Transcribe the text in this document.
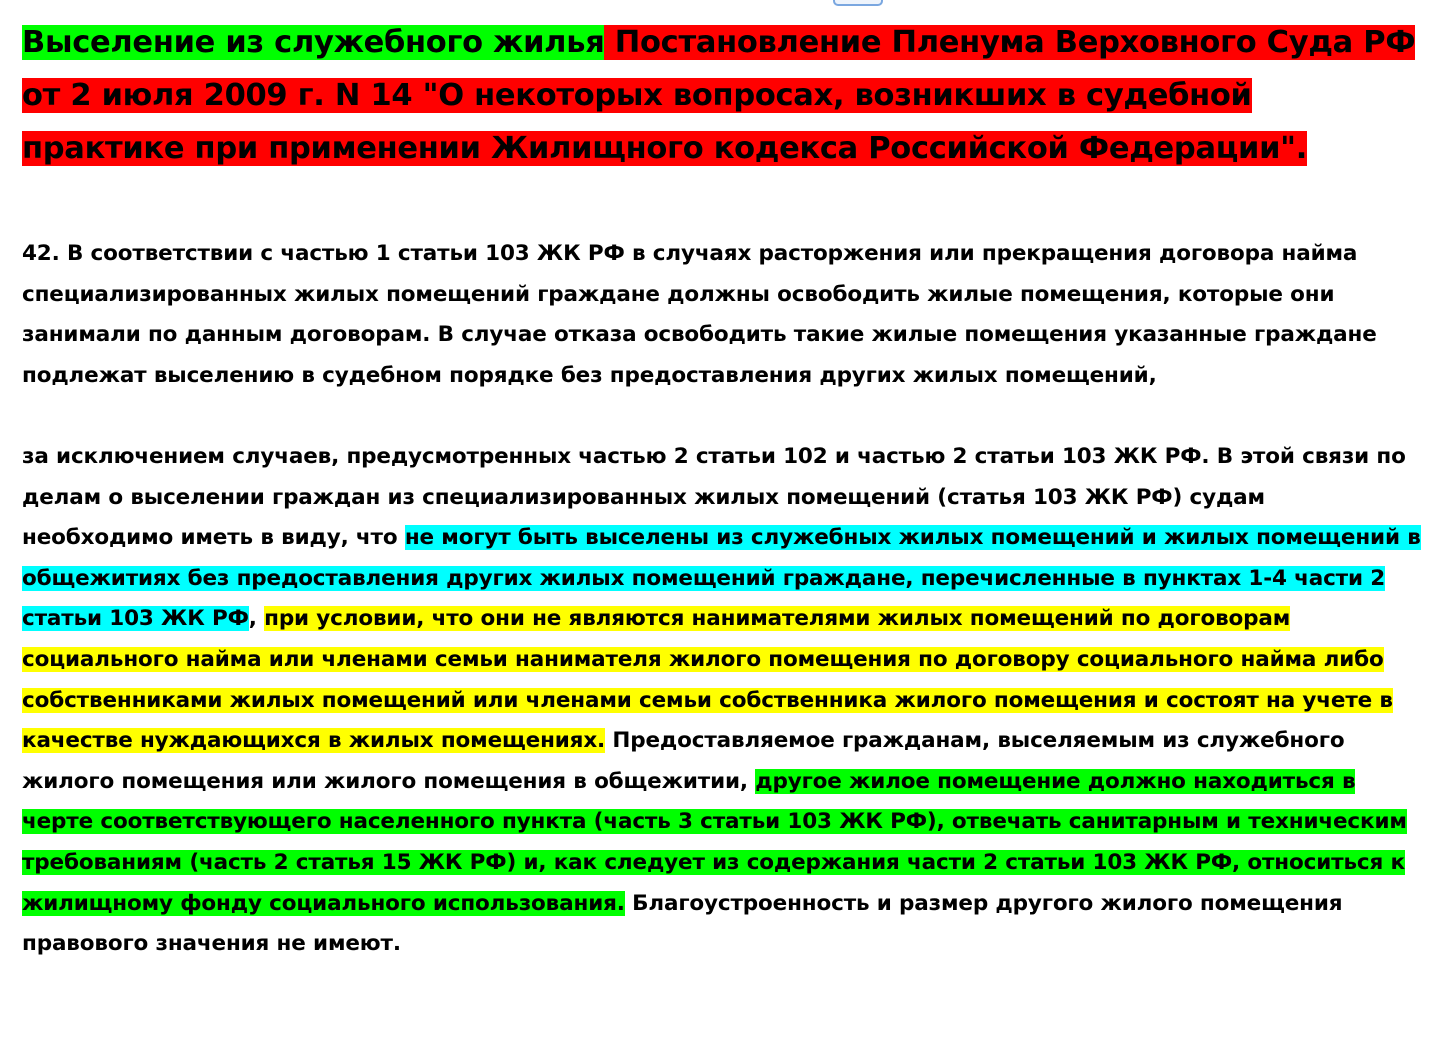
Выселение из служебного жилья Постановление Пленума Верховного Суда РФ от 2 июля 2009 г. N 14 "О некоторых вопросах, возникших в судебной практике при применении Жилищного кодекса Российской Федерации".

42. В соответствии с частью 1 статьи 103 ЖК РФ в случаях расторжения или прекращения договора найма специализированных жилых помещений граждане должны освободить жилые помещения, которые они занимали по данным договорам. В случае отказа освободить такие жилые помещения указанные граждане подлежат выселению в судебном порядке без предоставления других жилых помещений,

за исключением случаев, предусмотренных частью 2 статьи 102 и частью 2 статьи 103 ЖК РФ. В этой связи по делам о выселении граждан из специализированных жилых помещений (статья 103 ЖК РФ) судам необходимо иметь в виду, что не могут быть выселены из служебных жилых помещений и жилых помещений в общежитиях без предоставления других жилых помещений граждане, перечисленные в пунктах 1-4 части 2 статьи 103 ЖК РФ, при условии, что они не являются нанимателями жилых помещений по договорам социального найма или членами семьи нанимателя жилого помещения по договору социального найма либо собственниками жилых помещений или членами семьи собственника жилого помещения и состоят на учете в качестве нуждающихся в жилых помещениях. Предоставляемое гражданам, выселяемым из служебного жилого помещения или жилого помещения в общежитии, другое жилое помещение должно находиться в черте соответствующего населенного пункта (часть 3 статьи 103 ЖК РФ), отвечать санитарным и техническим требованиям (часть 2 статья 15 ЖК РФ) и, как следует из содержания части 2 статьи 103 ЖК РФ, относиться к жилищному фонду социального использования. Благоустроенность и размер другого жилого помещения правового значения не имеют.
